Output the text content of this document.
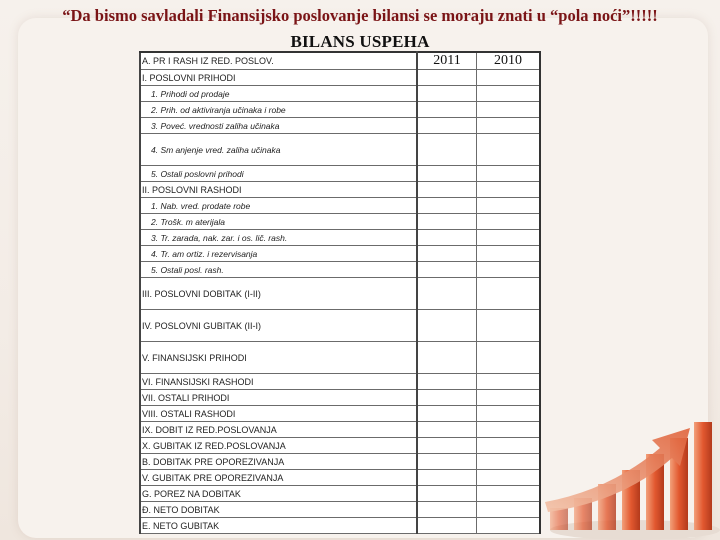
“Da bismo savladali Finansijsko poslovanje bilansi se moraju znati u “pola noći”!!!!!
BILANS USPEHA
A. PR I RASH IZ RED. POSLOV.	2011	2010
I. POSLOVNI PRIHODI		
1. Prihodi od prodaje		
2. Prih. od aktiviranja učinaka i robe		
3. Poveć. vrednosti zaliha učinaka		
4. Sm anjenje vred. zaliha učinaka		
5. Ostali poslovni prihodi		
II. POSLOVNI RASHODI		
1. Nab. vred. prodate robe		
2. Trošk. m aterijala		
3. Tr. zarada, nak. zar. i os. lič. rash.		
4. Tr. am ortiz. i rezervisanja		
5. Ostali posl. rash.		
III. POSLOVNI DOBITAK (I-II)		
IV. POSLOVNI GUBITAK (II-I)		
V. FINANSIJSKI PRIHODI		
VI. FINANSIJSKI RASHODI		
VII. OSTALI PRIHODI		
VIII. OSTALI RASHODI		
IX. DOBIT IZ RED.POSLOVANJA		
X. GUBITAK IZ RED.POSLOVANJA		
B. DOBITAK PRE OPOREZIVANJA		
V. GUBITAK PRE OPOREZIVANJA		
G. POREZ NA DOBITAK		
Đ. NETO DOBITAK		
E. NETO GUBITAK		
